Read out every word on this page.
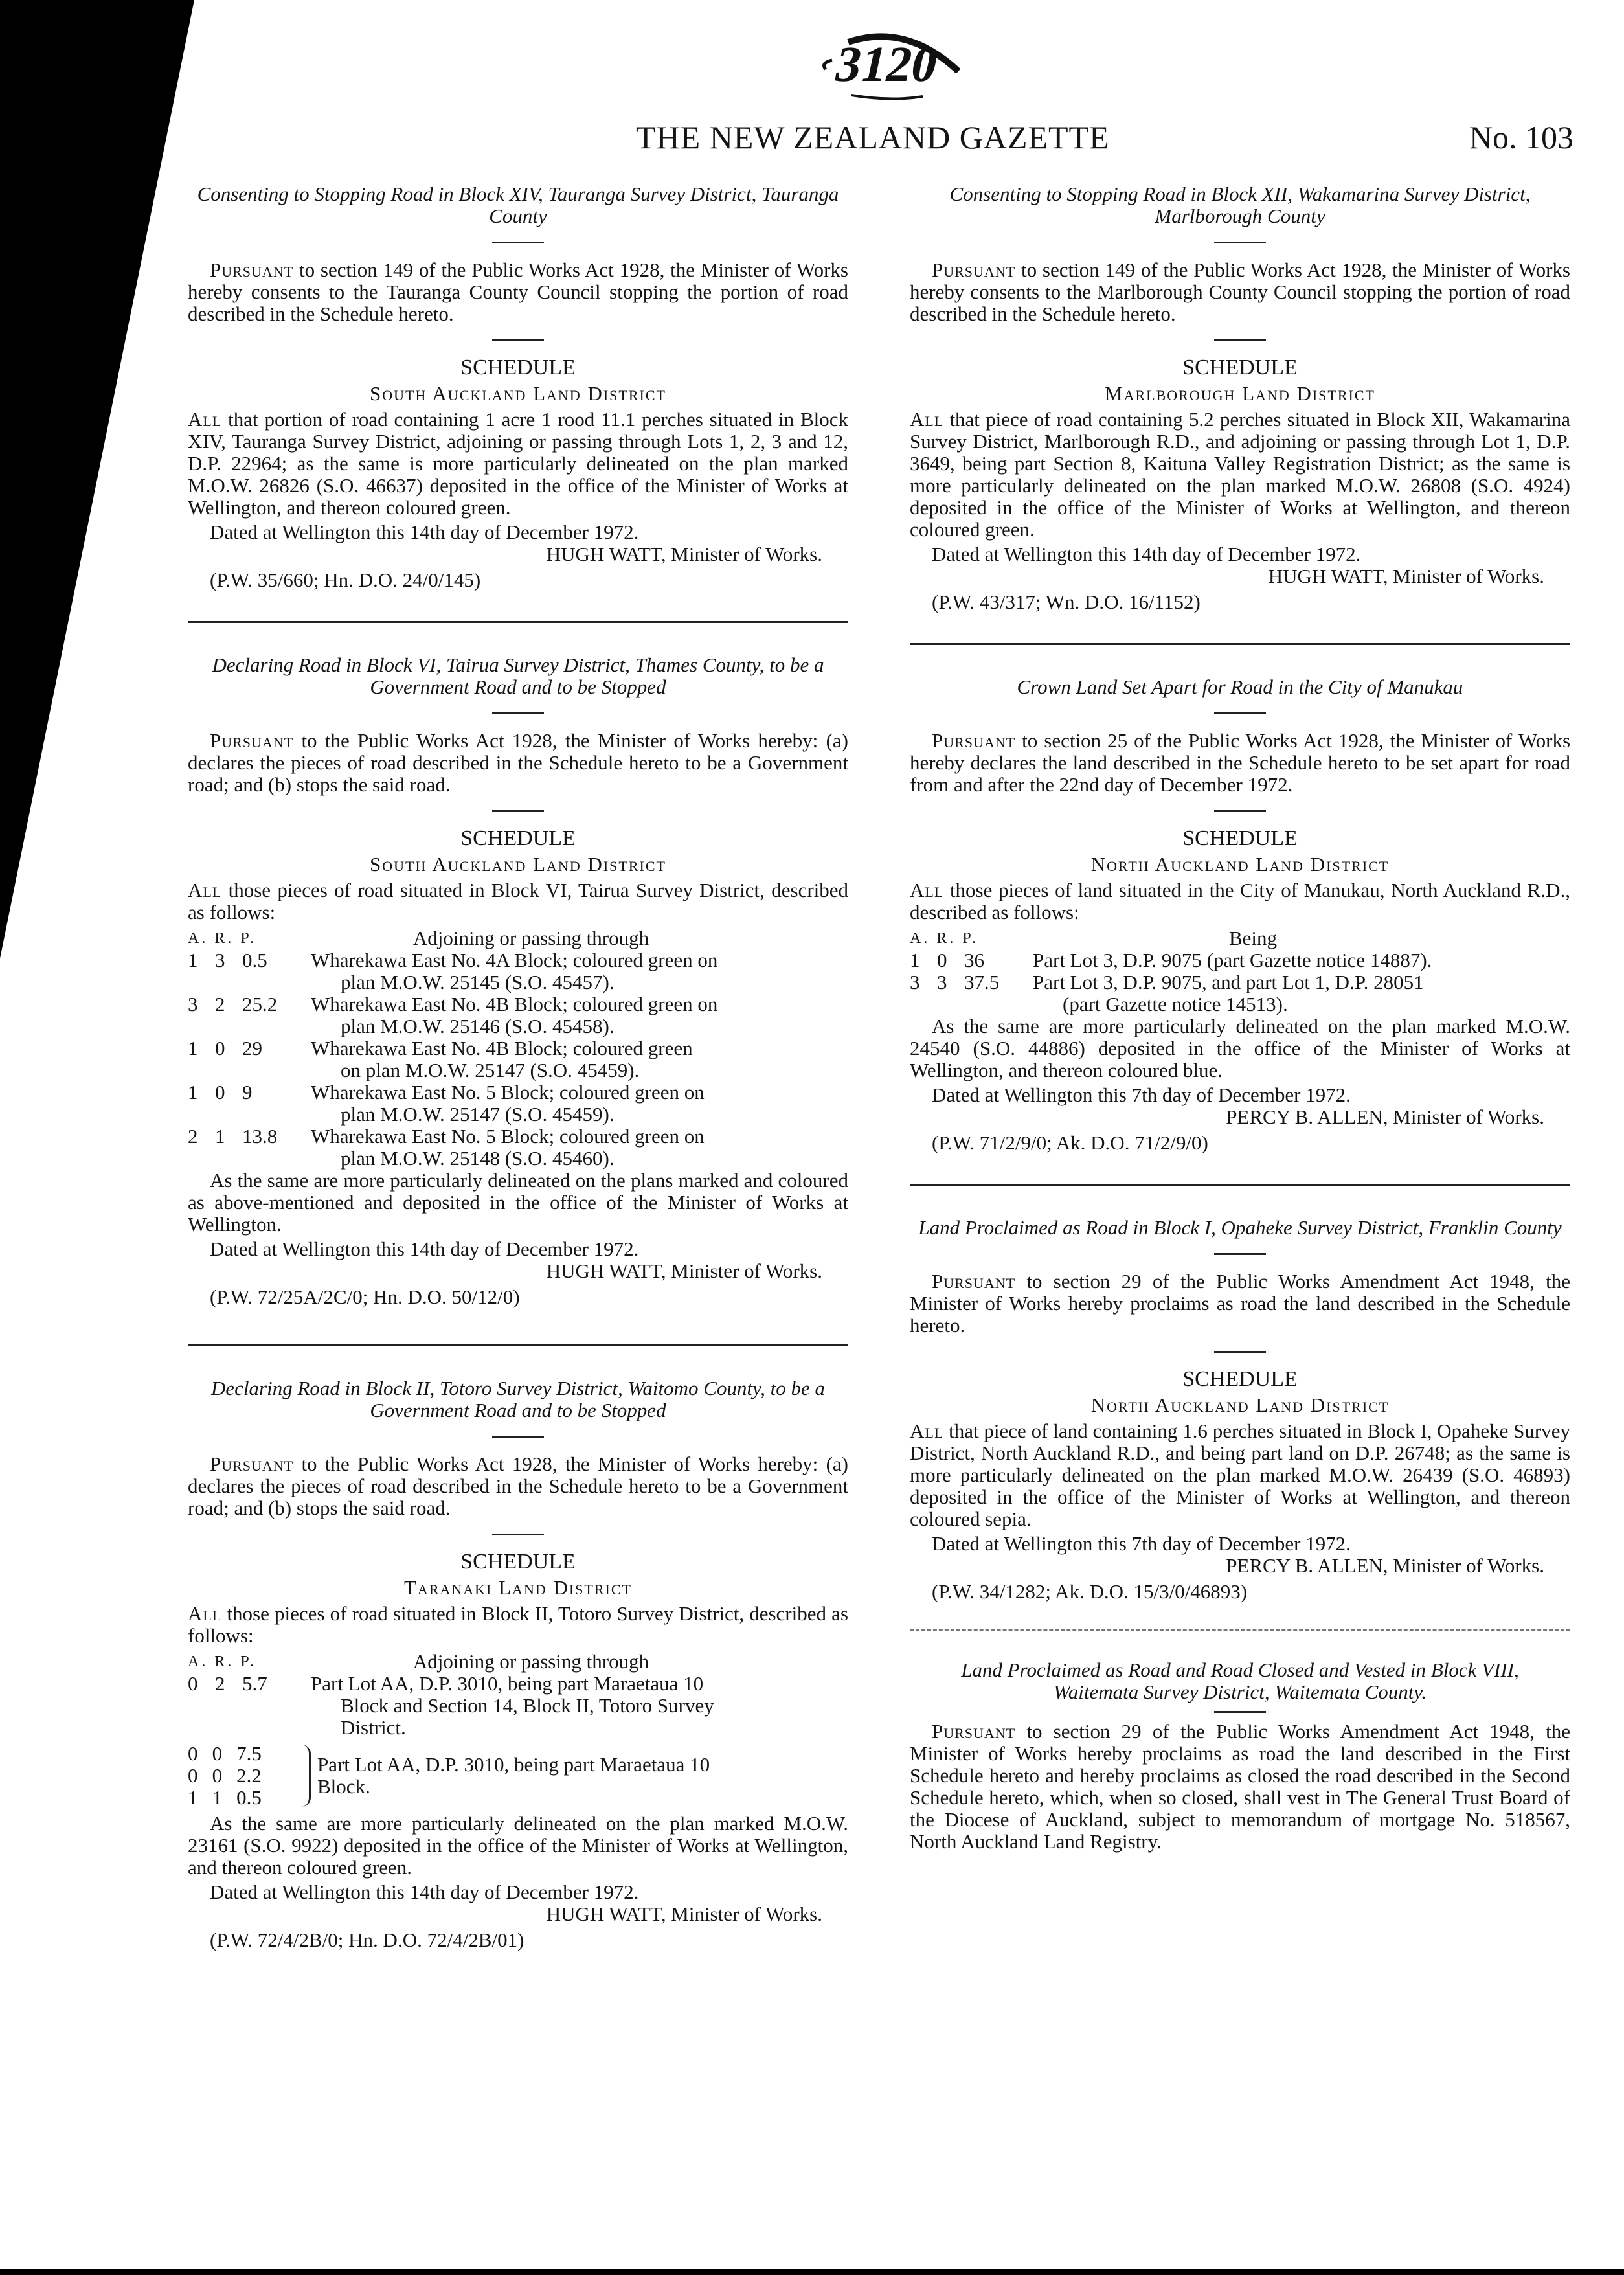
3120
THE NEW ZEALAND GAZETTE	No. 103
Consenting to Stopping Road in Block XIV, Tauranga Survey District, Tauranga County

Pursuant to section 149 of the Public Works Act 1928, the Minister of Works hereby consents to the Tauranga County Council stopping the portion of road described in the Schedule hereto.

SCHEDULE
South Auckland Land District

All that portion of road containing 1 acre 1 rood 11.1 perches situated in Block XIV, Tauranga Survey District, adjoining or passing through Lots 1, 2, 3 and 12, D.P. 22964; as the same is more particularly delineated on the plan marked M.O.W. 26826 (S.O. 46637) deposited in the office of the Minister of Works at Wellington, and thereon coloured green.

Dated at Wellington this 14th day of December 1972.

HUGH WATT, Minister of Works.

(P.W. 35/660; Hn. D.O. 24/0/145)

Declaring Road in Block VI, Tairua Survey District, Thames County, to be a Government Road and to be Stopped

Pursuant to the Public Works Act 1928, the Minister of Works hereby: (a) declares the pieces of road described in the Schedule hereto to be a Government road; and (b) stops the said road.

SCHEDULE
South Auckland Land District

All those pieces of road situated in Block VI, Tairua Survey District, described as follows:

A. R. P.	Adjoining or passing through
1 3 0.5	Wharekawa East No. 4A Block; coloured green on
plan M.O.W. 25145 (S.O. 45457).
3 2 25.2	Wharekawa East No. 4B Block; coloured green on
plan M.O.W. 25146 (S.O. 45458).
1 0 29	Wharekawa East No. 4B Block; coloured green
on plan M.O.W. 25147 (S.O. 45459).
1 0 9	Wharekawa East No. 5 Block; coloured green on
plan M.O.W. 25147 (S.O. 45459).
2 1 13.8	Wharekawa East No. 5 Block; coloured green on
plan M.O.W. 25148 (S.O. 45460).

As the same are more particularly delineated on the plans marked and coloured as above-mentioned and deposited in the office of the Minister of Works at Wellington.

Dated at Wellington this 14th day of December 1972.

HUGH WATT, Minister of Works.

(P.W. 72/25A/2C/0; Hn. D.O. 50/12/0)

Declaring Road in Block II, Totoro Survey District, Waitomo County, to be a Government Road and to be Stopped

Pursuant to the Public Works Act 1928, the Minister of Works hereby: (a) declares the pieces of road described in the Schedule hereto to be a Government road; and (b) stops the said road.

SCHEDULE
Taranaki Land District

All those pieces of road situated in Block II, Totoro Survey District, described as follows:

A. R. P.	Adjoining or passing through
0 2 5.7	Part Lot AA, D.P. 3010, being part Maraetaua 10
Block and Section 14, Block II, Totoro Survey
District.
0 0 7.5
0 0 2.2
1 1 0.5
Part Lot AA, D.P. 3010, being part Maraetaua 10
Block.

As the same are more particularly delineated on the plan marked M.O.W. 23161 (S.O. 9922) deposited in the office of the Minister of Works at Wellington, and thereon coloured green.

Dated at Wellington this 14th day of December 1972.

HUGH WATT, Minister of Works.

(P.W. 72/4/2B/0; Hn. D.O. 72/4/2B/01)

Consenting to Stopping Road in Block XII, Wakamarina Survey District, Marlborough County

Pursuant to section 149 of the Public Works Act 1928, the Minister of Works hereby consents to the Marlborough County Council stopping the portion of road described in the Schedule hereto.

SCHEDULE
Marlborough Land District

All that piece of road containing 5.2 perches situated in Block XII, Wakamarina Survey District, Marlborough R.D., and adjoining or passing through Lot 1, D.P. 3649, being part Section 8, Kaituna Valley Registration District; as the same is more particularly delineated on the plan marked M.O.W. 26808 (S.O. 4924) deposited in the office of the Minister of Works at Wellington, and thereon coloured green.

Dated at Wellington this 14th day of December 1972.

HUGH WATT, Minister of Works.

(P.W. 43/317; Wn. D.O. 16/1152)

Crown Land Set Apart for Road in the City of Manukau

Pursuant to section 25 of the Public Works Act 1928, the Minister of Works hereby declares the land described in the Schedule hereto to be set apart for road from and after the 22nd day of December 1972.

SCHEDULE
North Auckland Land District

All those pieces of land situated in the City of Manukau, North Auckland R.D., described as follows:

A. R. P.	Being
1 0 36	Part Lot 3, D.P. 9075 (part Gazette notice 14887).
3 3 37.5	Part Lot 3, D.P. 9075, and part Lot 1, D.P. 28051
(part Gazette notice 14513).

As the same are more particularly delineated on the plan marked M.O.W. 24540 (S.O. 44886) deposited in the office of the Minister of Works at Wellington, and thereon coloured blue.

Dated at Wellington this 7th day of December 1972.

PERCY B. ALLEN, Minister of Works.

(P.W. 71/2/9/0; Ak. D.O. 71/2/9/0)

Land Proclaimed as Road in Block I, Opaheke Survey District, Franklin County

Pursuant to section 29 of the Public Works Amendment Act 1948, the Minister of Works hereby proclaims as road the land described in the Schedule hereto.

SCHEDULE
North Auckland Land District

All that piece of land containing 1.6 perches situated in Block I, Opaheke Survey District, North Auckland R.D., and being part land on D.P. 26748; as the same is more particularly delineated on the plan marked M.O.W. 26439 (S.O. 46893) deposited in the office of the Minister of Works at Wellington, and thereon coloured sepia.

Dated at Wellington this 7th day of December 1972.

PERCY B. ALLEN, Minister of Works.

(P.W. 34/1282; Ak. D.O. 15/3/0/46893)

Land Proclaimed as Road and Road Closed and Vested in Block VIII, Waitemata Survey District, Waitemata County.

Pursuant to section 29 of the Public Works Amendment Act 1948, the Minister of Works hereby proclaims as road the land described in the First Schedule hereto and hereby proclaims as closed the road described in the Second Schedule hereto, which, when so closed, shall vest in The General Trust Board of the Diocese of Auckland, subject to memorandum of mortgage No. 518567, North Auckland Land Registry.
